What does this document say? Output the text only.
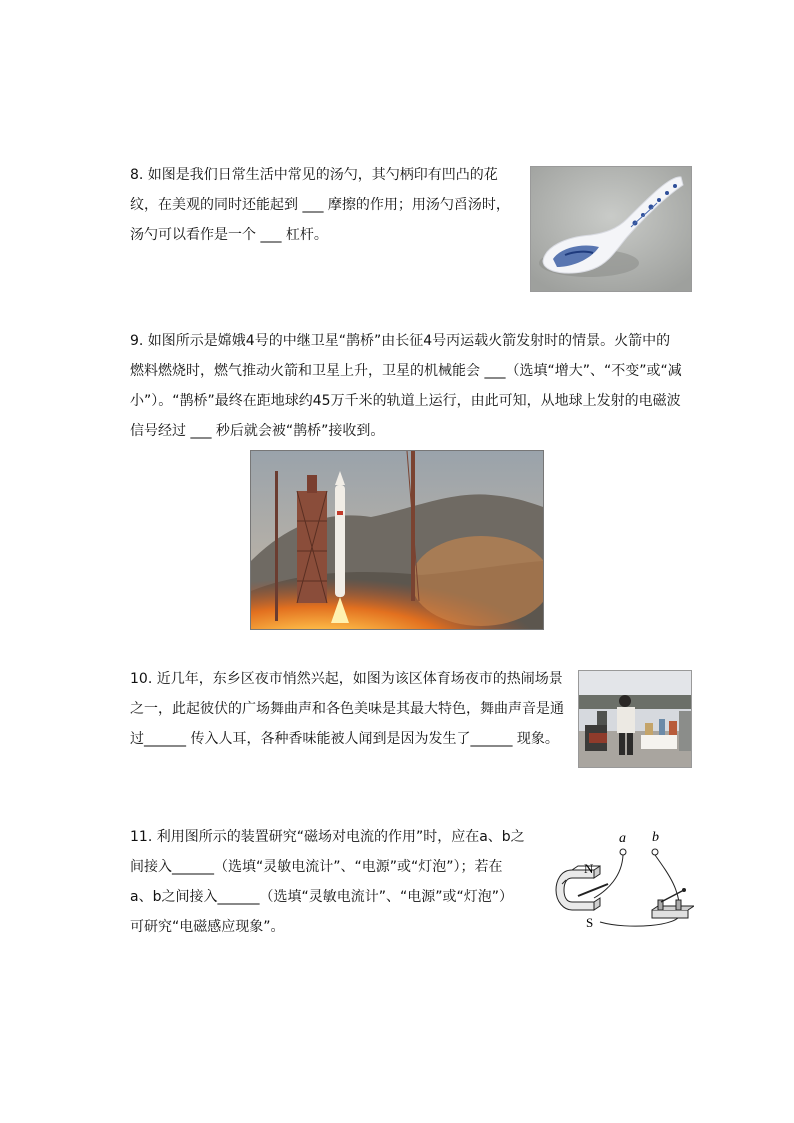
8. 如图是我们日常生活中常见的汤勺，其勺柄印有凹凸的花

纹，在美观的同时还能起到 ___ 摩擦的作用；用汤勺舀汤时，

汤勺可以看作是一个 ___ 杠杆。

9. 如图所示是嫦娥4号的中继卫星“鹊桥”由长征4号丙运载火箭发射时的情景。火箭中的

燃料燃烧时，燃气推动火箭和卫星上升，卫星的机械能会 ___（选填“增大”、“不变”或“减

小”）。“鹊桥”最终在距地球约45万千米的轨道上运行，由此可知，从地球上发射的电磁波

信号经过 ___ 秒后就会被“鹊桥”接收到。

10. 近几年，东乡区夜市悄然兴起，如图为该区体育场夜市的热闹场景

之一，此起彼伏的广场舞曲声和各色美味是其最大特色，舞曲声音是通

过______ 传入人耳，各种香味能被人闻到是因为发生了______ 现象。

11. 利用图所示的装置研究“磁场对电流的作用”时，应在a、b之

间接入______（选填“灵敏电流计”、“电源”或“灯泡”）；若在

a、b之间接入______（选填“灵敏电流计”、“电源”或“灯泡”）

可研究“电磁感应现象”。

a b
N
S
